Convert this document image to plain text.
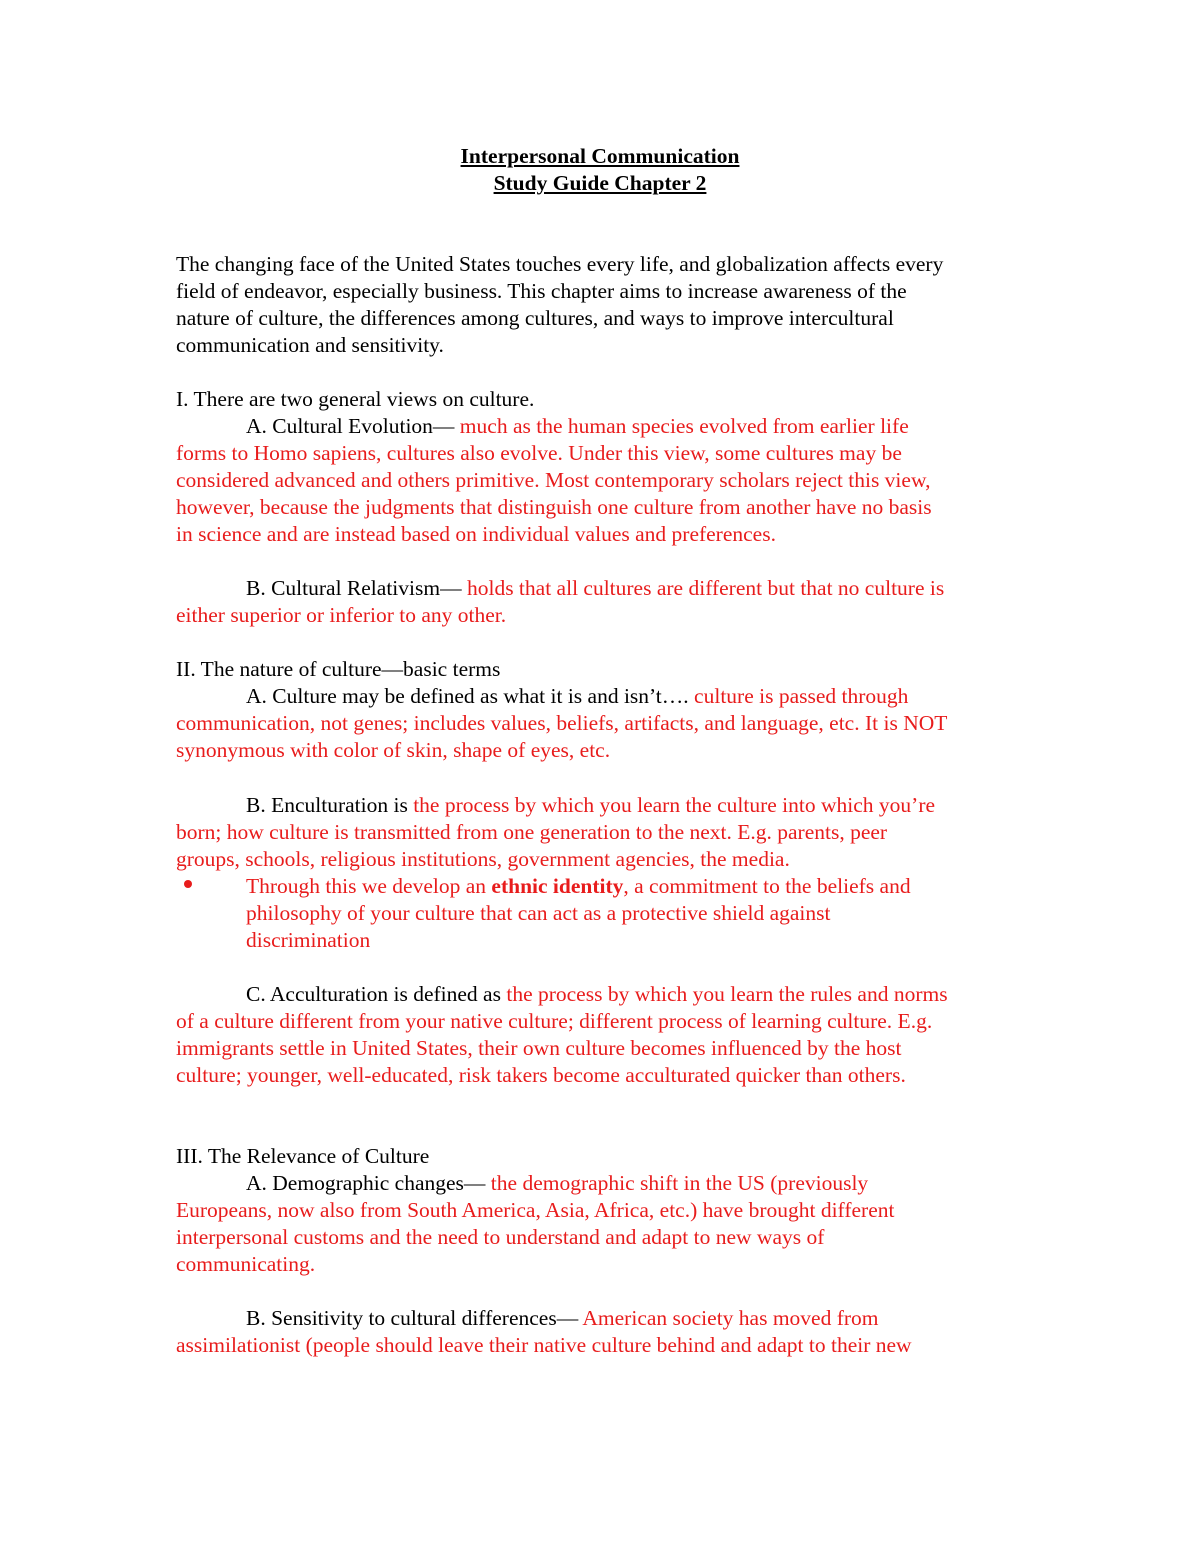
Interpersonal Communication
Study Guide Chapter 2
The changing face of the United States touches every life, and globalization affects every
field of endeavor, especially business. This chapter aims to increase awareness of the
nature of culture, the differences among cultures, and ways to improve intercultural
communication and sensitivity.
I. There are two general views on culture.
A. Cultural Evolution— much as the human species evolved from earlier life
forms to Homo sapiens, cultures also evolve. Under this view, some cultures may be
considered advanced and others primitive. Most contemporary scholars reject this view,
however, because the judgments that distinguish one culture from another have no basis
in science and are instead based on individual values and preferences.
B. Cultural Relativism— holds that all cultures are different but that no culture is
either superior or inferior to any other.
II. The nature of culture—basic terms
A. Culture may be defined as what it is and isn’t…. culture is passed through
communication, not genes; includes values, beliefs, artifacts, and language, etc. It is NOT
synonymous with color of skin, shape of eyes, etc.
B. Enculturation is the process by which you learn the culture into which you’re
born; how culture is transmitted from one generation to the next. E.g. parents, peer
groups, schools, religious institutions, government agencies, the media.
Through this we develop an ethnic identity, a commitment to the beliefs and
philosophy of your culture that can act as a protective shield against
discrimination
C. Acculturation is defined as the process by which you learn the rules and norms
of a culture different from your native culture; different process of learning culture. E.g.
immigrants settle in United States, their own culture becomes influenced by the host
culture; younger, well-educated, risk takers become acculturated quicker than others.
III. The Relevance of Culture
A. Demographic changes— the demographic shift in the US (previously
Europeans, now also from South America, Asia, Africa, etc.) have brought different
interpersonal customs and the need to understand and adapt to new ways of
communicating.
B. Sensitivity to cultural differences— American society has moved from
assimilationist (people should leave their native culture behind and adapt to their new
